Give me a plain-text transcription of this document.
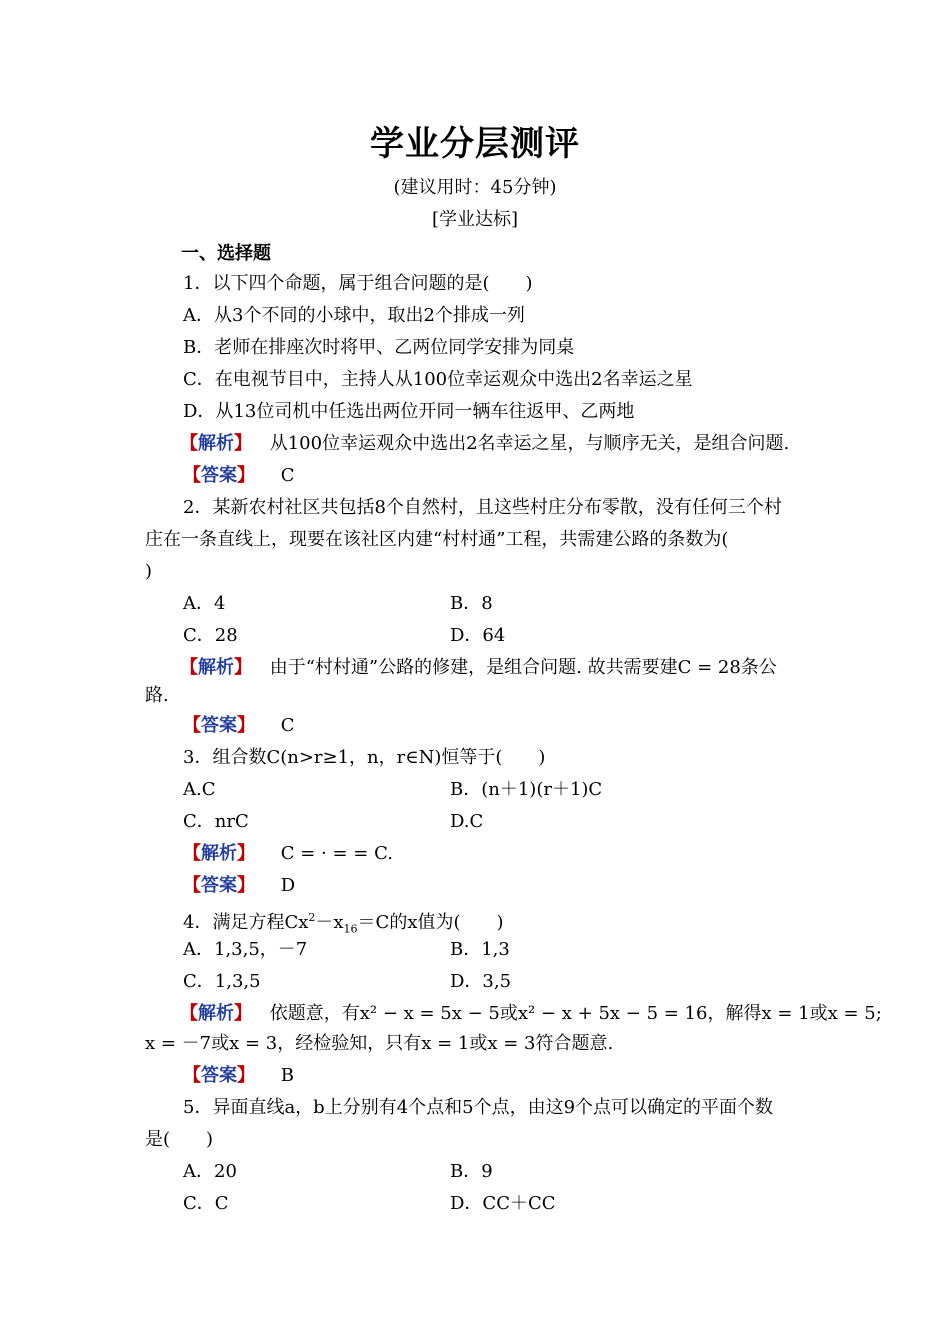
学业分层测评
(建议用时：45分钟)
[学业达标]
一、选择题
1．以下四个命题，属于组合问题的是(　　)
A．从3个不同的小球中，取出2个排成一列
B．老师在排座次时将甲、乙两位同学安排为同桌
C．在电视节目中，主持人从100位幸运观众中选出2名幸运之星
D．从13位司机中任选出两位开同一辆车往返甲、乙两地
【解析】 从100位幸运观众中选出2名幸运之星，与顺序无关，是组合问题.
【答案】 C
2．某新农村社区共包括8个自然村，且这些村庄分布零散，没有任何三个村
庄在一条直线上，现要在该社区内建“村村通”工程，共需建公路的条数为(
)
A．4	B．8
C．28	D．64
【解析】 由于“村村通”公路的修建，是组合问题. 故共需要建C = 28条公
路.
【答案】 C
3．组合数C(n>r≥1，n，r∈N)恒等于(　　)
A.C	B．(n＋1)(r＋1)C
C．nrC	D.C
【解析】 C = · = = C.
【答案】 D
4．满足方程$Cx^2-x_{16}=C$的x值为(　　)
A．1,3,5，－7	B．1,3
C．1,3,5	D．3,5
【解析】 依题意，有x² − x = 5x − 5或x² − x + 5x − 5 = 16，解得x = 1或x = 5;
x = －7或x = 3，经检验知，只有x = 1或x = 3符合题意.
【答案】 B
5．异面直线a，b上分别有4个点和5个点，由这9个点可以确定的平面个数
是(　　)
A．20	B．9
C．C	D．CC＋CC
